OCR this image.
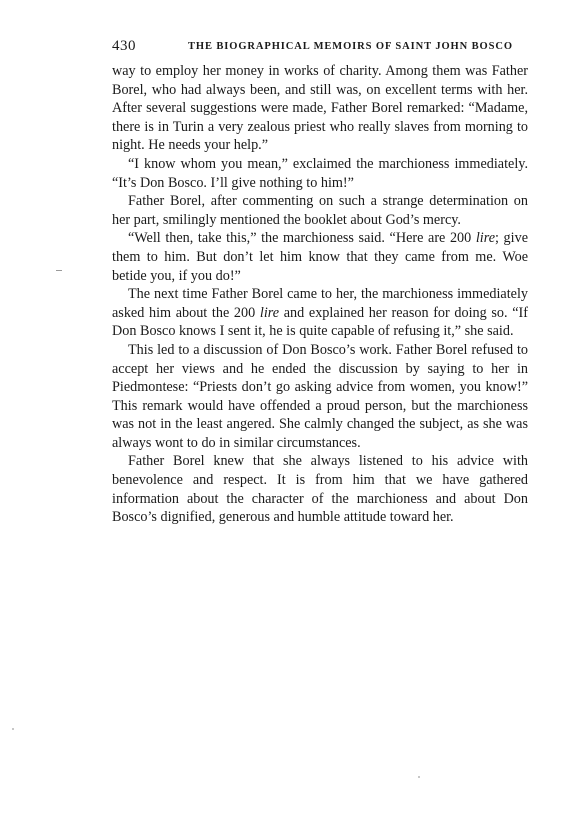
430	THE BIOGRAPHICAL MEMOIRS OF SAINT JOHN BOSCO

way to employ her money in works of charity. Among them was Father Borel, who had always been, and still was, on excellent terms with her. After several suggestions were made, Father Borel remarked: “Madame, there is in Turin a very zealous priest who really slaves from morning to night. He needs your help.”

“I know whom you mean,” exclaimed the marchioness immediately. “It’s Don Bosco. I’ll give nothing to him!”

Father Borel, after commenting on such a strange determination on her part, smilingly mentioned the booklet about God’s mercy.

“Well then, take this,” the marchioness said. “Here are 200 lire; give them to him. But don’t let him know that they came from me. Woe betide you, if you do!”

The next time Father Borel came to her, the marchioness immediately asked him about the 200 lire and explained her reason for doing so. “If Don Bosco knows I sent it, he is quite capable of refusing it,” she said.

This led to a discussion of Don Bosco’s work. Father Borel refused to accept her views and he ended the discussion by saying to her in Piedmontese: “Priests don’t go asking advice from women, you know!” This remark would have offended a proud person, but the marchioness was not in the least angered. She calmly changed the subject, as she was always wont to do in similar circumstances.

Father Borel knew that she always listened to his advice with benevolence and respect. It is from him that we have gathered information about the character of the marchioness and about Don Bosco’s dignified, generous and humble attitude toward her.
